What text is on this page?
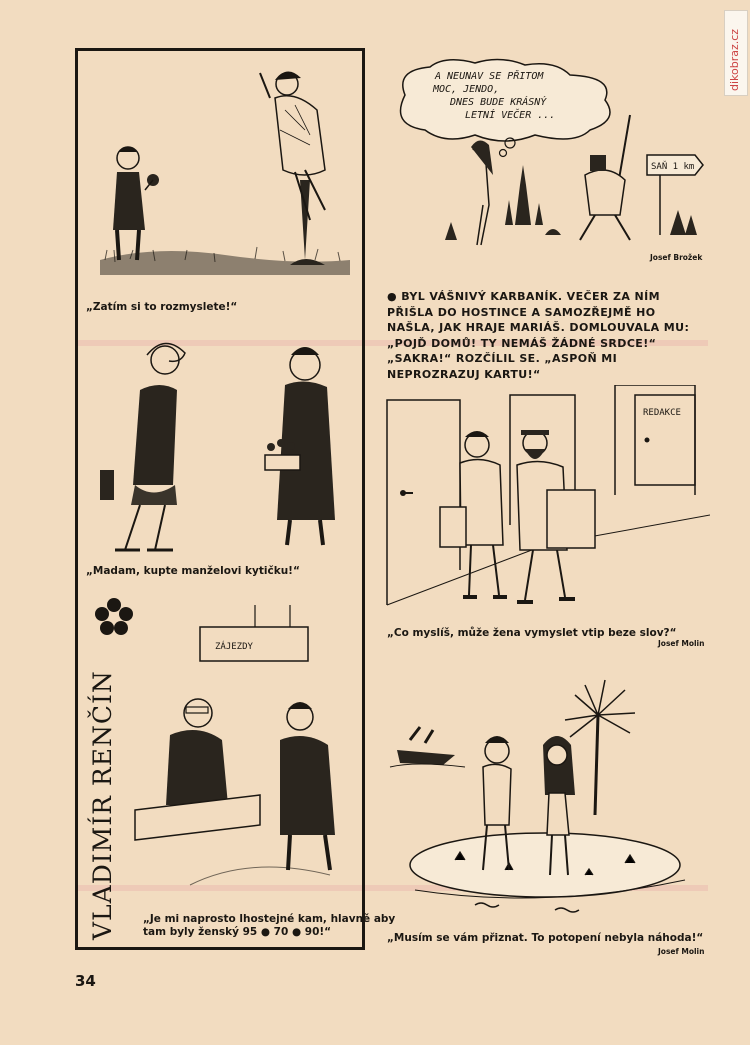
dikobraz.cz
„Zatím si to rozmyslete!“
„Madam, kupte manželovi kytičku!“
VLADIMÍR RENČÍN
ZÁJEZDY
„Je mi naprosto lhostejné kam, hlavně aby
tam byly ženský 95 ● 70 ● 90!“
A NEUNAV SE PŘITOM
MOC, JENDO,
DNES BUDE KRÁSNÝ
LETNÍ VEČER ...
SAŇ 1 km
Josef Brožek
● BYL VÁŠNIVÝ KARBANÍK. VEČER ZA NÍM PŘIŠLA DO HOSTINCE A SAMOZŘEJMĚ HO NAŠLA, JAK HRAJE MARIÁŠ. DOMLOUVALA MU: „POJĎ DOMŮ! TY NEMÁŠ ŽÁDNÉ SRDCE!“ „SAKRA!“ ROZČÍLIL SE. „ASPOŇ MI NEPROZRAZUJ KARTU!“
REDAKCE
„Co myslíš, může žena vymyslet vtip beze slov?“
Josef Molin
„Musím se vám přiznat. To potopení nebyla náhoda!“
Josef Molin
34
